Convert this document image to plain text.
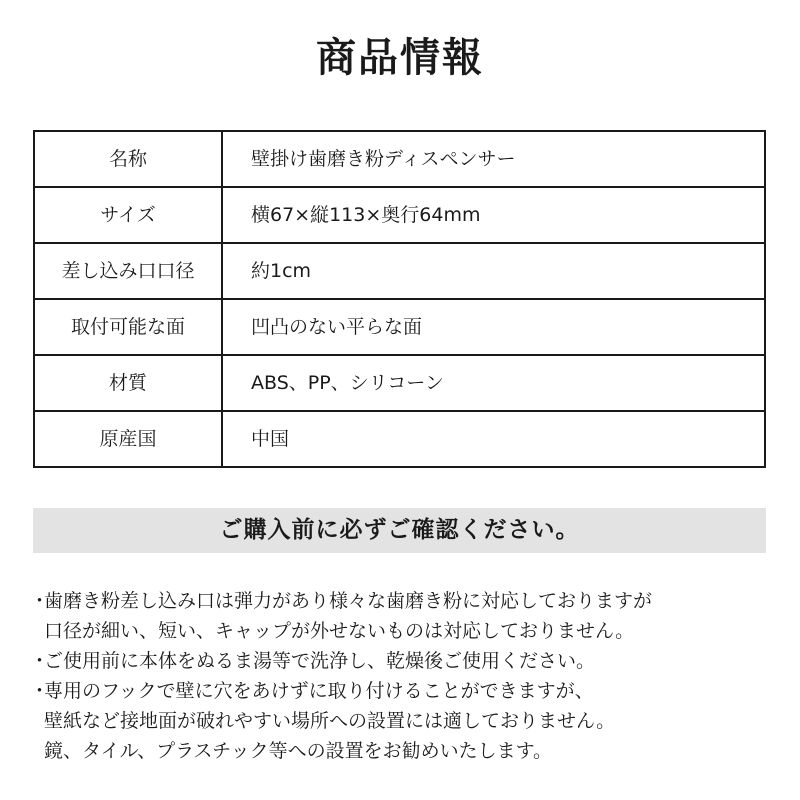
商品情報
名称	壁掛け歯磨き粉ディスペンサー
サイズ	横67×縦113×奥行64mm
差し込み口口径	約1cm
取付可能な面	凹凸のない平らな面
材質	ABS、PP、シリコーン
原産国	中国
ご購入前に必ずご確認ください。
・歯磨き粉差し込み口は弾力があり様々な歯磨き粉に対応しておりますが
口径が細い、短い、キャップが外せないものは対応しておりません。
・ご使用前に本体をぬるま湯等で洗浄し、乾燥後ご使用ください。
・専用のフックで壁に穴をあけずに取り付けることができますが、
壁紙など接地面が破れやすい場所への設置には適しておりません。
鏡、タイル、プラスチック等への設置をお勧めいたします。
